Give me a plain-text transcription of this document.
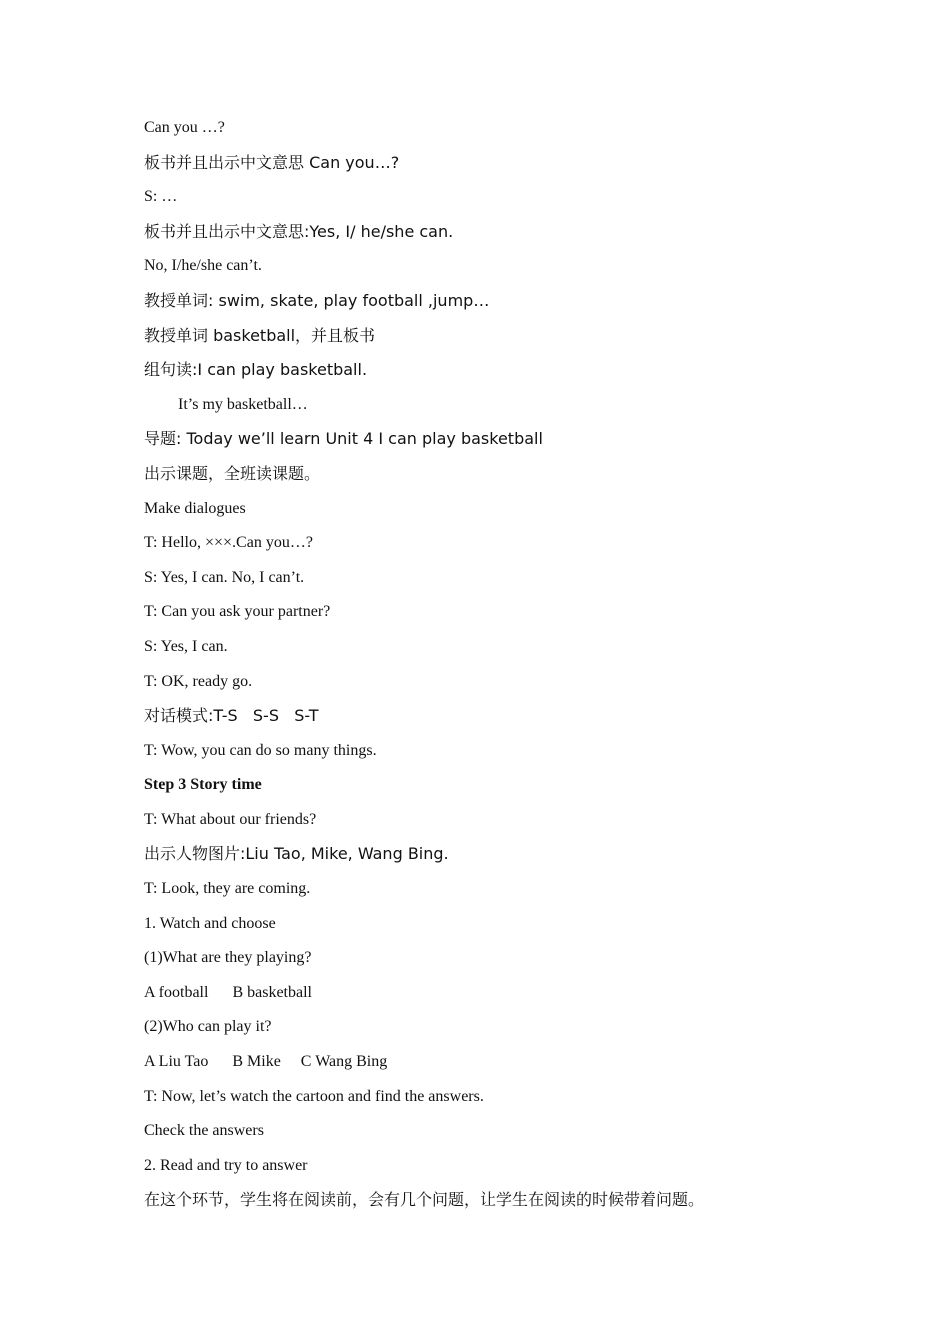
Can you …?
板书并且出示中文意思 Can you…?
S: …
板书并且出示中文意思:Yes, I/ he/she can.
No, I/he/she can’t.
教授单词: swim, skate, play football ,jump…
教授单词 basketball，并且板书
组句读:I can play basketball.
It’s my basketball…
导题: Today we’ll learn Unit 4 I can play basketball
出示课题，全班读课题。
Make dialogues
T: Hello, ×××.Can you…?
S: Yes, I can. No, I can’t.
T: Can you ask your partner?
S: Yes, I can.
T: OK, ready go.
对话模式:T-S   S-S   S-T
T: Wow, you can do so many things.
Step 3 Story time
T: What about our friends?
出示人物图片:Liu Tao, Mike, Wang Bing.
T: Look, they are coming.
1. Watch and choose
(1)What are they playing?
A football      B basketball
(2)Who can play it?
A Liu Tao      B Mike     C Wang Bing
T: Now, let’s watch the cartoon and find the answers.
Check the answers
2. Read and try to answer
在这个环节，学生将在阅读前，会有几个问题，让学生在阅读的时候带着问题。
